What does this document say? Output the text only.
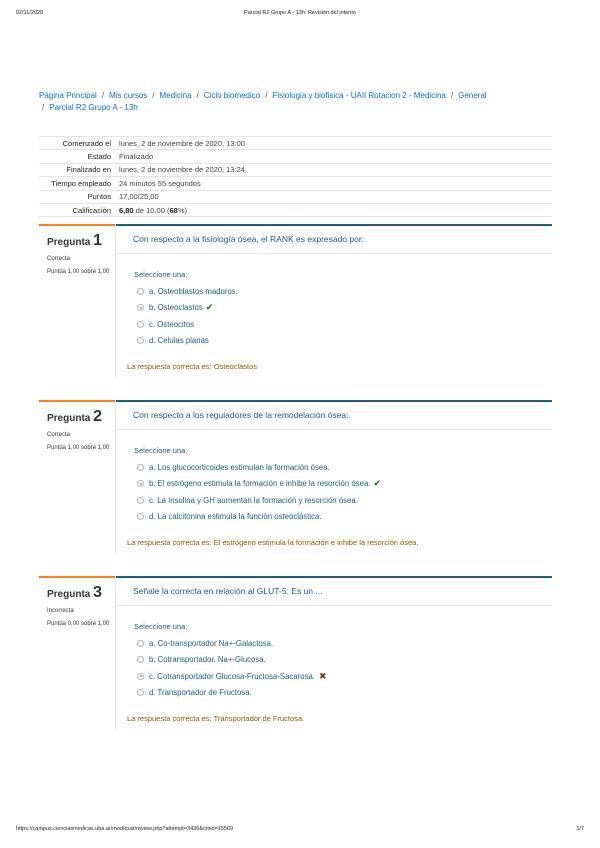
02/11/2020	Parcial R2 Grupo A - 13h: Revisión del intento
Página Principal / Mis cursos / Medicina / Ciclo biomedico / Fisiologia y biofisica - UAII Rotacion 2 - Medicina / General
/ Parcial R2 Grupo A - 13h
Comenzado el	lunes, 2 de noviembre de 2020, 13:00
Estado	Finalizado
Finalizado en	lunes, 2 de noviembre de 2020, 13:24
Tiempo empleado	24 minutos 55 segundos
Puntos	17,00/25,00
Calificación	6,80 de 10,00 (68%)
Pregunta 1
Correcta
Puntúa 1,00 sobre 1,00
Con respecto a la fisiología ósea, el RANK es expresado por:
Seleccione una:
a. Osteoblastos maduros.
b. Osteoclastos ✔
c. Osteocitos
d. Celulas planas
La respuesta correcta es: Osteoclastos
Pregunta 2
Correcta
Puntúa 1,00 sobre 1,00
Con respecto a los reguladores de la remodelación ósea:
Seleccione una:
a. Los glucocorticoides estimulan la formación ósea.
b. El estrógeno estimula la formación e inhibe la resorción ósea. ✔
c. La Insulina y GH aumentan la formación y resorción ósea.
d. La calcitonina estimula la función osteoclástica.
La respuesta correcta es: El estrógeno estimula la formación e inhibe la resorción ósea.
Pregunta 3
Incorrecta
Puntúa 0,00 sobre 1,00
Señale la correcta en relación al GLUT-5: Es un ...
Seleccione una:
a. Co-transportador Na+-Galactosa.
b. Cotransportador, Na+-Glucosa.
c. Cotransportador Glucosa-Fructosa-Sacarosa. ✖
d. Transportador de Fructosa.
La respuesta correcta es: Transportador de Fructosa.
https://campus.cienciasmedicas.uba.ar/mod/quiz/review.php?attempt=3436&cmid=15569	1/7
